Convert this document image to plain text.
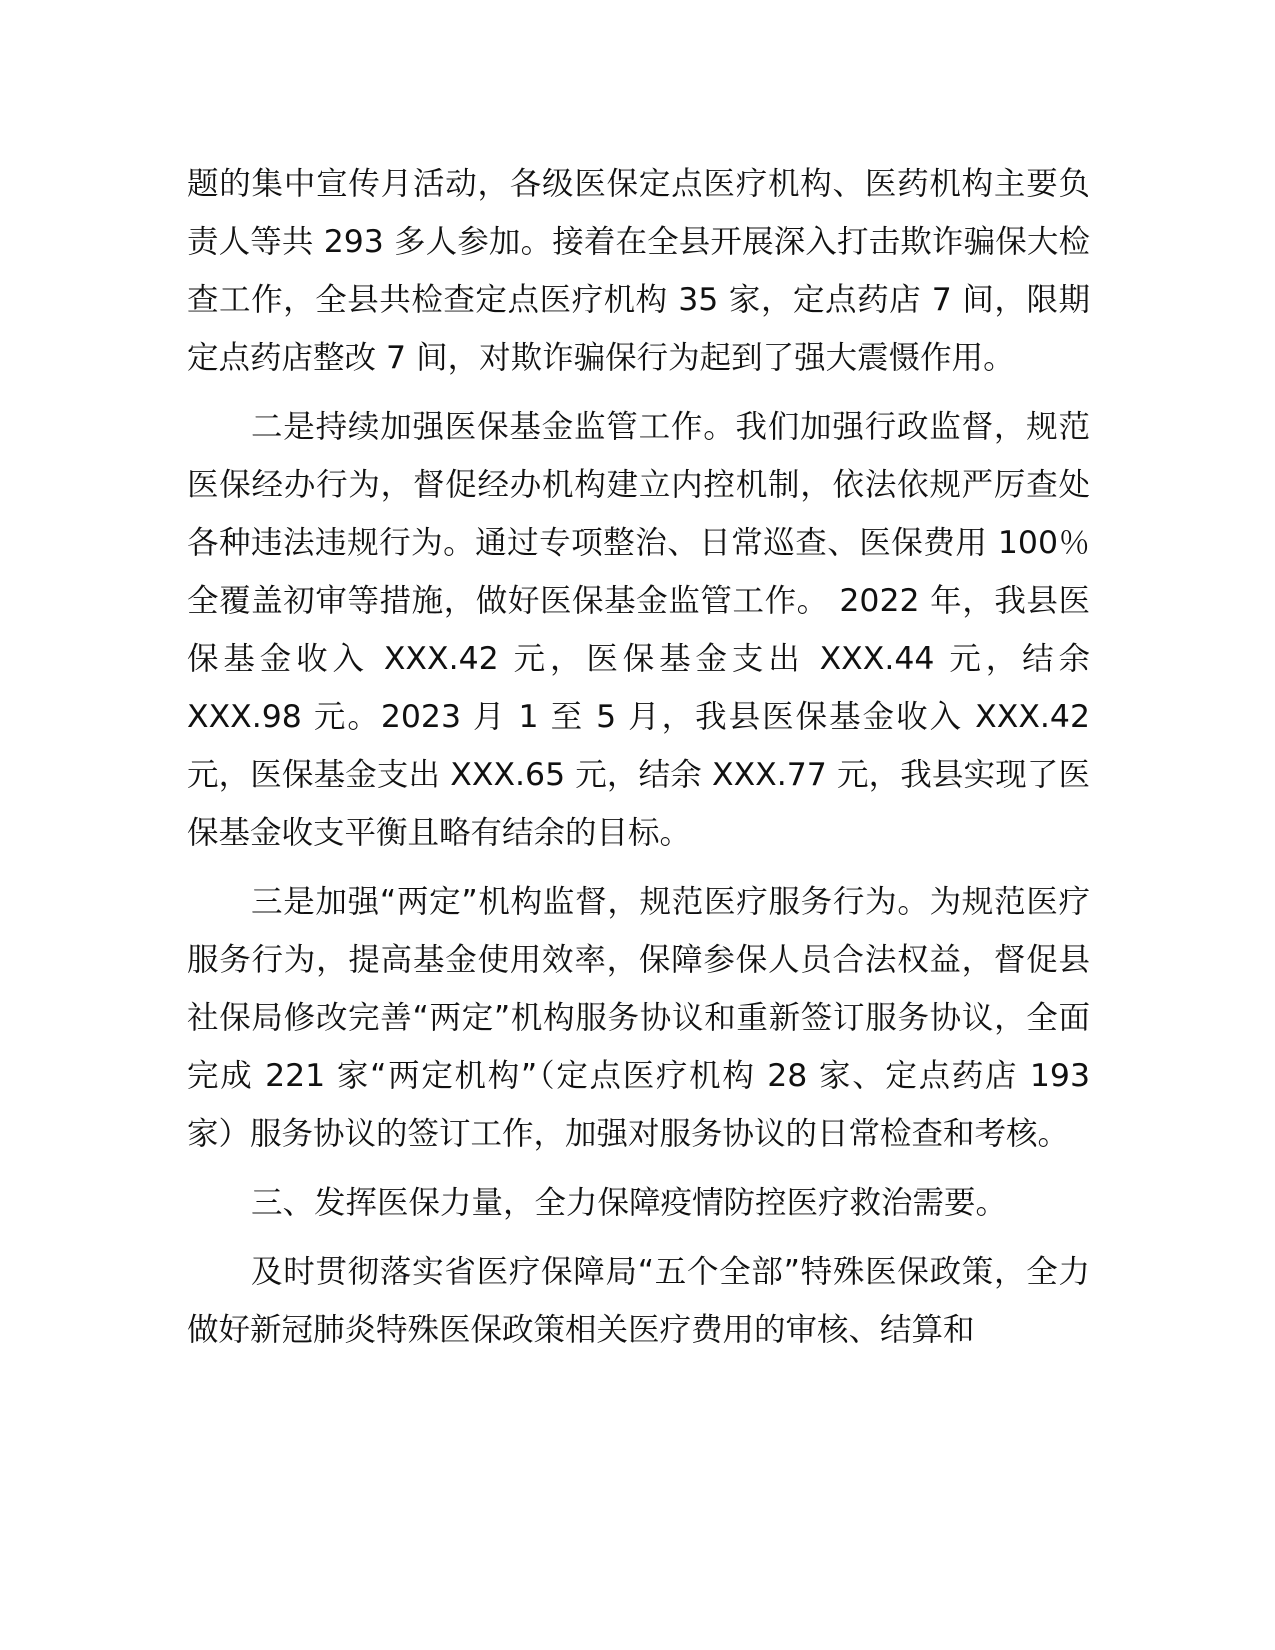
题的集中宣传月活动，各级医保定点医疗机构、医药机构主要负责人等共 293 多人参加。接着在全县开展深入打击欺诈骗保大检查工作，全县共检查定点医疗机构 35 家，定点药店 7 间，限期定点药店整改 7 间，对欺诈骗保行为起到了强大震慑作用。

二是持续加强医保基金监管工作。我们加强行政监督，规范医保经办行为，督促经办机构建立内控机制，依法依规严厉查处各种违法违规行为。通过专项整治、日常巡查、医保费用 100％全覆盖初审等措施，做好医保基金监管工作。 2022 年，我县医保基金收入 XXX.42 元，医保基金支出 XXX.44 元，结余 XXX.98 元。2023 月 1 至 5 月，我县医保基金收入 XXX.42 元，医保基金支出 XXX.65 元，结余 XXX.77 元，我县实现了医保基金收支平衡且略有结余的目标。

三是加强“两定”机构监督，规范医疗服务行为。为规范医疗服务行为，提高基金使用效率，保障参保人员合法权益，督促县社保局修改完善“两定”机构服务协议和重新签订服务协议，全面完成 221 家“两定机构”（定点医疗机构 28 家、定点药店 193 家）服务协议的签订工作，加强对服务协议的日常检查和考核。

三、发挥医保力量，全力保障疫情防控医疗救治需要。

及时贯彻落实省医疗保障局“五个全部”特殊医保政策，全力做好新冠肺炎特殊医保政策相关医疗费用的审核、结算和
